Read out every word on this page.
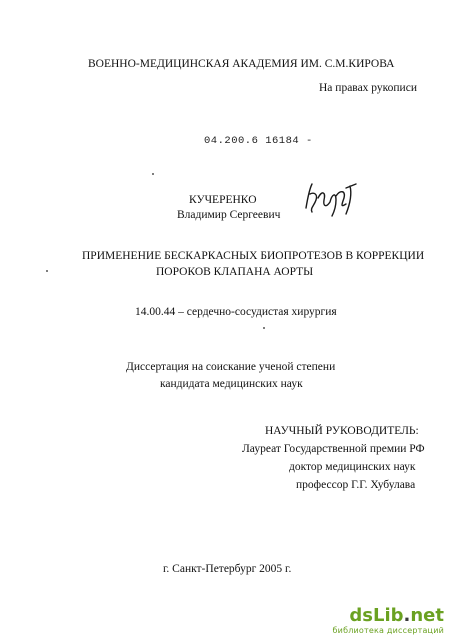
ВОЕННО-МЕДИЦИНСКАЯ АКАДЕМИЯ ИМ. С.М.КИРОВА
На правах рукописи
04.200.6 16184 -
КУЧЕРЕНКО
Владимир Сергеевич
ПРИМЕНЕНИЕ БЕСКАРКАСНЫХ БИОПРОТЕЗОВ В КОРРЕКЦИИ
ПОРОКОВ КЛАПАНА АОРТЫ
14.00.44 – сердечно-сосудистая хирургия
Диссертация на соискание ученой степени
кандидата медицинских наук
НАУЧНЫЙ РУКОВОДИТЕЛЬ:
Лауреат Государственной премии РФ
доктор медицинских наук
профессор Г.Г. Хубулава
г. Санкт-Петербург 2005 г.
dsLib.net
библиотека диссертаций
